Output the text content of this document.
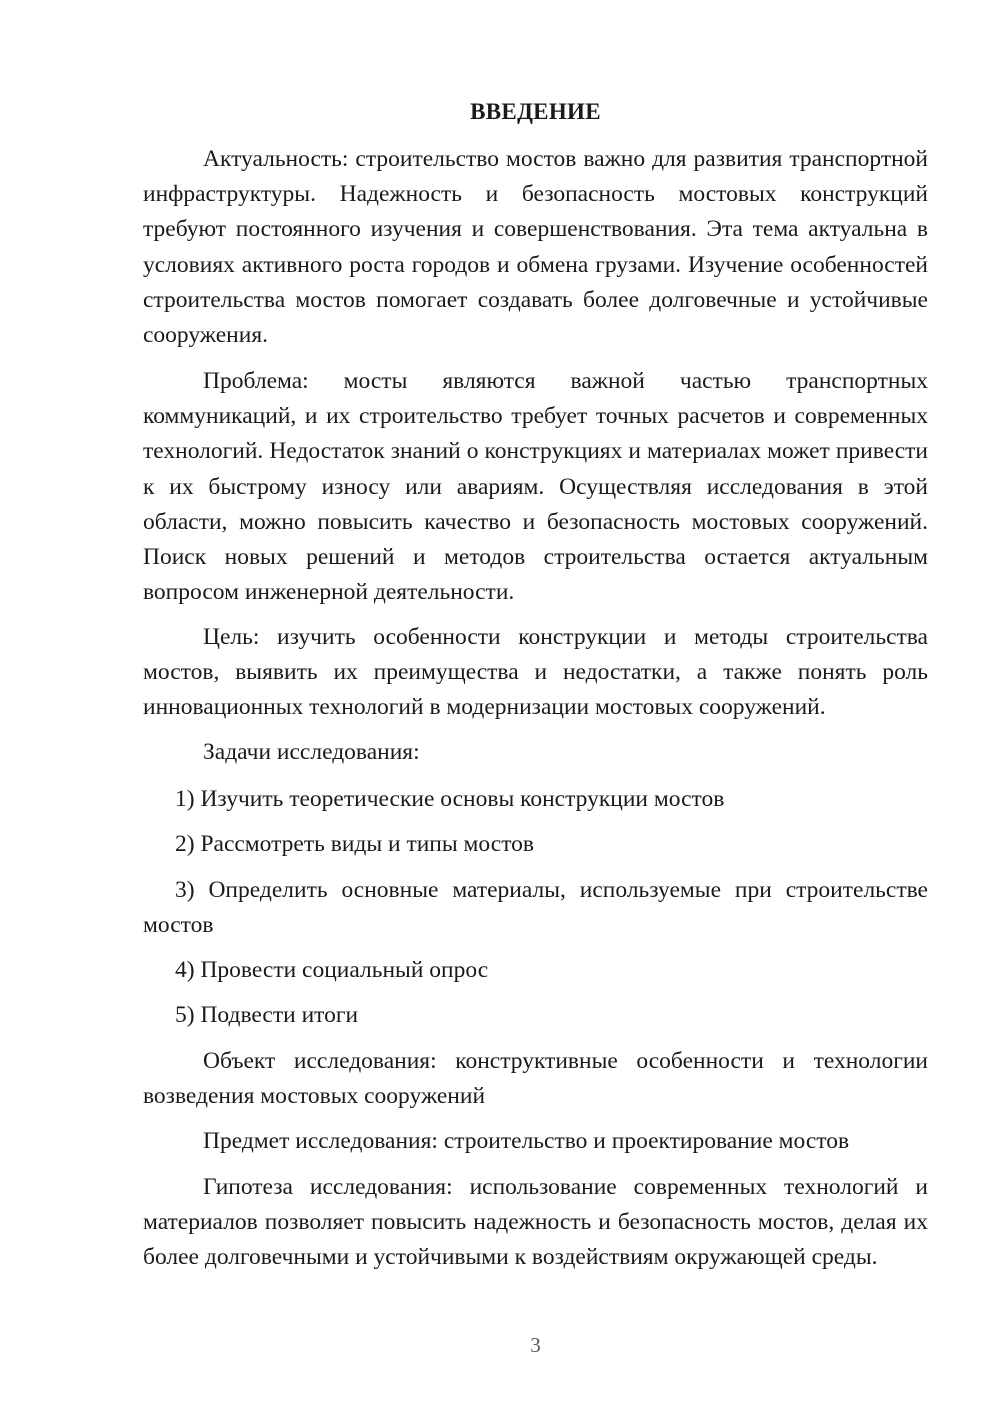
ВВЕДЕНИЕ

Актуальность: строительство мостов важно для развития транспортной инфраструктуры. Надежность и безопасность мостовых конструкций требуют постоянного изучения и совершенствования. Эта тема актуальна в условиях активного роста городов и обмена грузами. Изучение особенностей строительства мостов помогает создавать более долговечные и устойчивые сооружения.

Проблема: мосты являются важной частью транспортных коммуникаций, и их строительство требует точных расчетов и современных технологий. Недостаток знаний о конструкциях и материалах может привести к их быстрому износу или авариям. Осуществляя исследования в этой области, можно повысить качество и безопасность мостовых сооружений. Поиск новых решений и методов строительства остается актуальным вопросом инженерной деятельности.

Цель: изучить особенности конструкции и методы строительства мостов, выявить их преимущества и недостатки, а также понять роль инновационных технологий в модернизации мостовых сооружений.

Задачи исследования:

1) Изучить теоретические основы конструкции мостов

2) Рассмотреть виды и типы мостов

3) Определить основные материалы, используемые при строительстве мостов

4) Провести социальный опрос

5) Подвести итоги

Объект исследования: конструктивные особенности и технологии возведения мостовых сооружений

Предмет исследования: строительство и проектирование мостов

Гипотеза исследования: использование современных технологий и материалов позволяет повысить надежность и безопасность мостов, делая их более долговечными и устойчивыми к воздействиям окружающей среды.

3
